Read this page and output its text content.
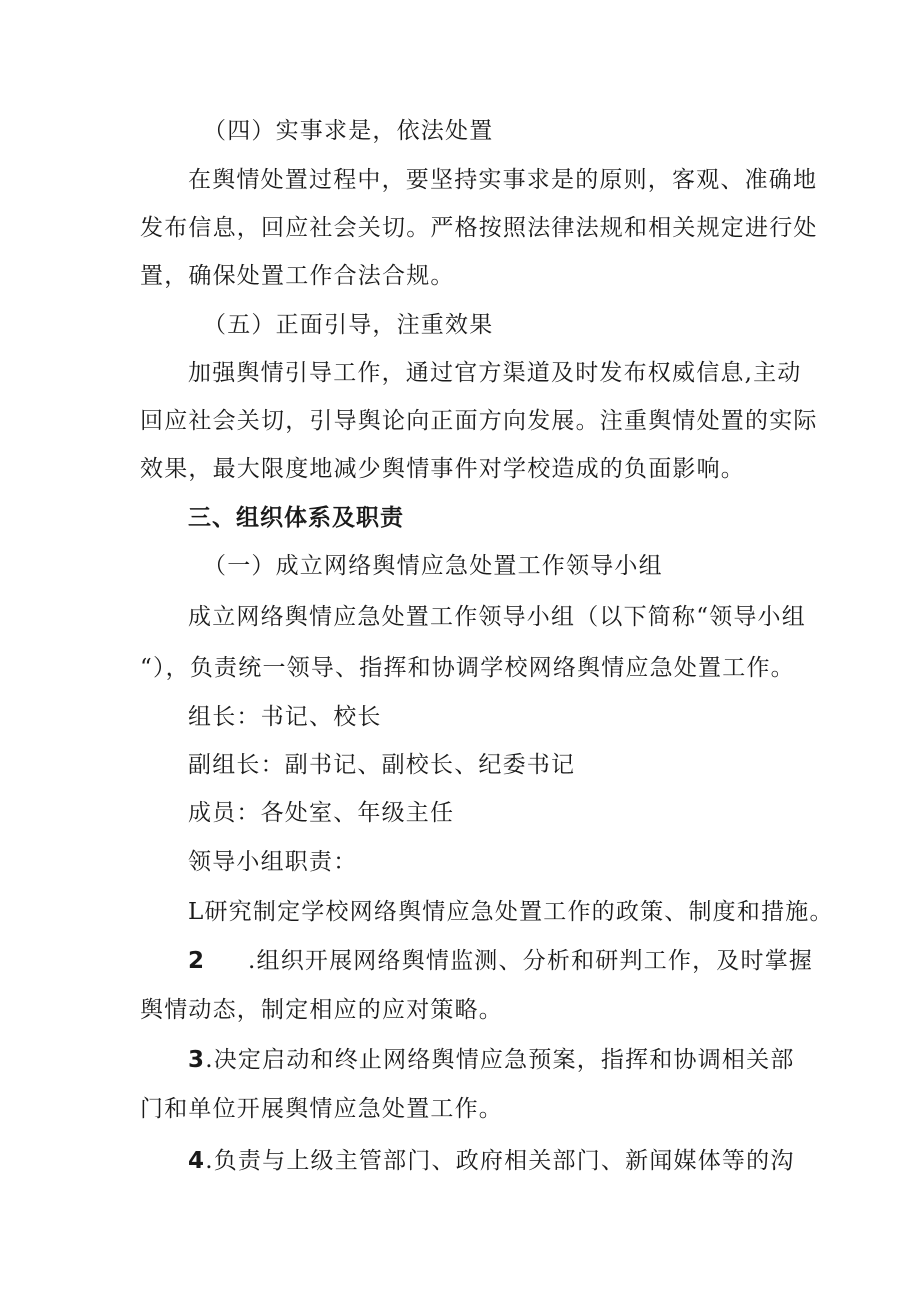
（四）实事求是，依法处置
在舆情处置过程中，要坚持实事求是的原则，客观、准确地
发布信息，回应社会关切。严格按照法律法规和相关规定进行处
置，确保处置工作合法合规。
（五）正面引导，注重效果
加强舆情引导工作，通过官方渠道及时发布权威信息,主动
回应社会关切，引导舆论向正面方向发展。注重舆情处置的实际
效果，最大限度地减少舆情事件对学校造成的负面影响。
三、组织体系及职责
（一）成立网络舆情应急处置工作领导小组
成立网络舆情应急处置工作领导小组（以下简称“领导小组
“），负责统一领导、指挥和协调学校网络舆情应急处置工作。
组长：书记、校长
副组长：副书记、副校长、纪委书记
成员：各处室、年级主任
领导小组职责：
L研究制定学校网络舆情应急处置工作的政策、制度和措施。
2 .组织开展网络舆情监测、分析和研判工作，及时掌握
舆情动态，制定相应的应对策略。
3.决定启动和终止网络舆情应急预案，指挥和协调相关部
门和单位开展舆情应急处置工作。
4.负责与上级主管部门、政府相关部门、新闻媒体等的沟
